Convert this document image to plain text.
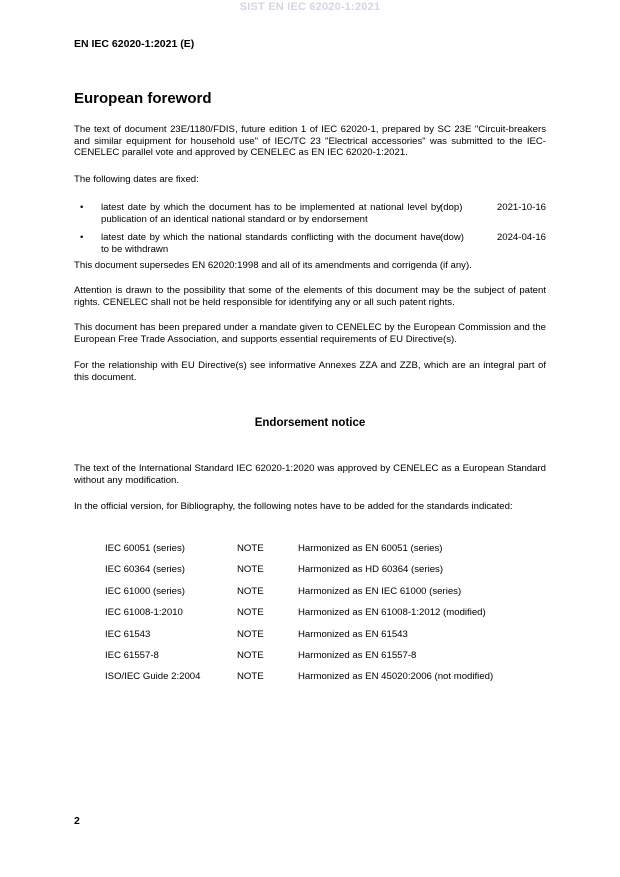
SIST EN IEC 62020-1:2021
EN IEC 62020-1:2021 (E)
European foreword

The text of document 23E/1180/FDIS, future edition 1 of IEC 62020-1, prepared by SC 23E "Circuit-breakers and similar equipment for household use" of IEC/TC 23 "Electrical accessories" was submitted to the IEC-CENELEC parallel vote and approved by CENELEC as EN IEC 62020-1:2021.

The following dates are fixed:

• latest date by which the document has to be implemented at national level by publication of an identical national standard or by endorsement
(dop)	2021-10-16
• latest date by which the national standards conflicting with the document have to be withdrawn
(dow)	2024-04-16

This document supersedes EN 62020:1998 and all of its amendments and corrigenda (if any).

Attention is drawn to the possibility that some of the elements of this document may be the subject of patent rights. CENELEC shall not be held responsible for identifying any or all such patent rights.

This document has been prepared under a mandate given to CENELEC by the European Commission and the European Free Trade Association, and supports essential requirements of EU Directive(s).

For the relationship with EU Directive(s) see informative Annexes ZZA and ZZB, which are an integral part of this document.

Endorsement notice

The text of the International Standard IEC 62020-1:2020 was approved by CENELEC as a European Standard without any modification.

In the official version, for Bibliography, the following notes have to be added for the standards indicated:

IEC 60051 (series)	NOTE	Harmonized as EN 60051 (series)
IEC 60364 (series)	NOTE	Harmonized as HD 60364 (series)
IEC 61000 (series)	NOTE	Harmonized as EN IEC 61000 (series)
IEC 61008-1:2010	NOTE	Harmonized as EN 61008-1:2012 (modified)
IEC 61543	NOTE	Harmonized as EN 61543
IEC 61557-8	NOTE	Harmonized as EN 61557-8
ISO/IEC Guide 2:2004	NOTE	Harmonized as EN 45020:2006 (not modified)
2
